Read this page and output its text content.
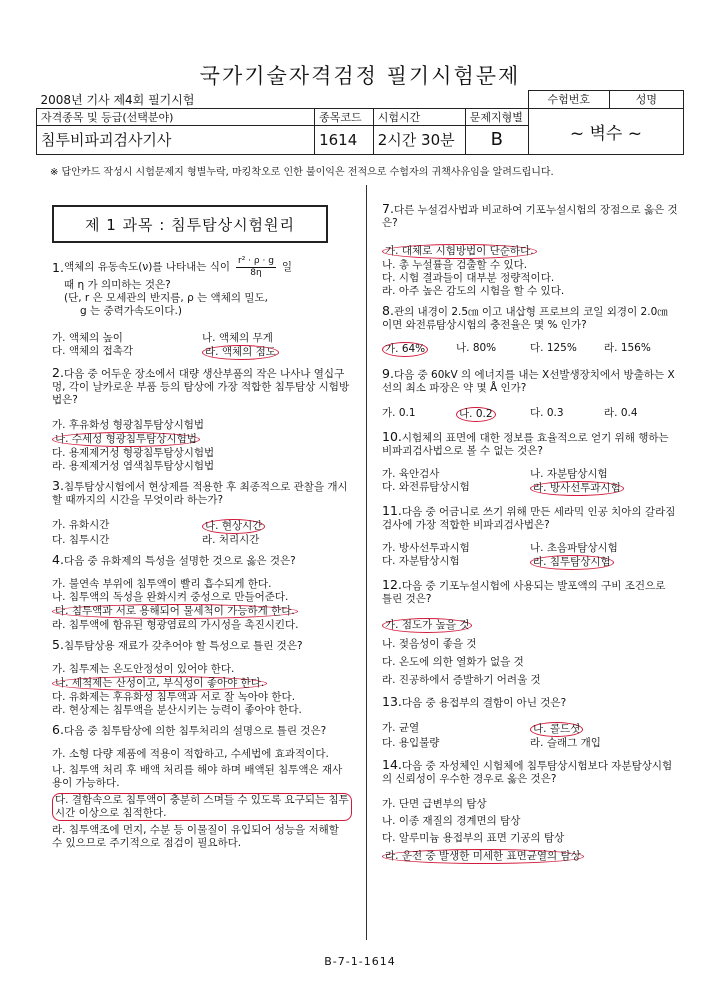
국가기술자격검정 필기시험문제
2008년 기사 제4회 필기시험				수험번호	성명
자격종목 및 등급(선택분야)	종목코드	시험시간	문제지형별	~ 벽수 ~	
침투비파괴검사기사	1614	2시간 30분	B		
※ 답안카드 작성시 시험문제지 형별누락, 마킹착오로 인한 불이익은 전적으로 수험자의 귀책사유임을 알려드립니다.
제 1 과목 : 침투탐상시험원리
1. 액체의 유동속도(ν)를 나타내는 식이 r² · ρ · g
8η 일
때 η 가 의미하는 것은?
(단, r 은 모세관의 반지름, ρ 는 액체의 밀도,
g 는 중력가속도이다.)
가. 액체의 높이	나. 액체의 무게
다. 액체의 접촉각	라. 액체의 점도
2.다음 중 어두운 장소에서 대량 생산부품의 작은 나사나 열십구멍, 각이 날카로운 부품 등의 탐상에 가장 적합한 침투탐상 시험방법은?
가. 후유화성 형광침투탐상시험법
나. 수세성 형광침투탐상시험법
다. 용제제거성 형광침투탐상시험법
라. 용제제거성 염색침투탐상시험법
3.침투탐상시험에서 현상제를 적용한 후 최종적으로 관찰을 개시할 때까지의 시간을 무엇이라 하는가?
가. 유화시간	나. 현상시간
다. 침투시간	라. 처리시간
4.다음 중 유화제의 특성을 설명한 것으로 옳은 것은?
가. 불연속 부위에 침투액이 빨리 흡수되게 한다.
나. 침투액의 독성을 완화시켜 중성으로 만들어준다.
다. 침투액과 서로 용해되어 물세척이 가능하게 한다.
라. 침투액에 함유된 형광염료의 가시성을 촉진시킨다.
5.침투탐상용 재료가 갖추어야 할 특성으로 틀린 것은?
가. 침투제는 온도안정성이 있어야 한다.
나. 세척제는 산성이고, 부식성이 좋아야 한다.
다. 유화제는 후유화성 침투액과 서로 잘 녹아야 한다.
라. 현상제는 침투액을 분산시키는 능력이 좋아야 한다.
6.다음 중 침투탐상에 의한 침투처리의 설명으로 틀린 것은?
가. 소형 다량 제품에 적용이 적합하고, 수세법에 효과적이다.
나. 침투액 처리 후 배액 처리를 해야 하며 배액된 침투액은 재사용이 가능하다.
다. 결함속으로 침투액이 충분히 스며들 수 있도록 요구되는 침투시간 이상으로 침적한다.
라. 침투액조에 먼지, 수분 등 이물질이 유입되어 성능을 저해할 수 있으므로 주기적으로 점검이 필요하다.
7.다른 누설검사법과 비교하여 기포누설시험의 장점으로 옳은 것은?
가. 대체로 시험방법이 단순하다.
나. 총 누설률을 검출할 수 있다.
다. 시험 결과들이 대부분 정량적이다.
라. 아주 높은 감도의 시험을 할 수 있다.
8.관의 내경이 2.5㎝ 이고 내삽형 프로브의 코일 외경이 2.0㎝ 이면 와전류탐상시험의 충전율은 몇 % 인가?
가. 64%	나. 80%	다. 125%	라. 156%
9.다음 중 60kV 의 에너지를 내는 X선발생장치에서 방출하는 X선의 최소 파장은 약 몇 Å 인가?
가. 0.1	나. 0.2	다. 0.3	라. 0.4
10.시험체의 표면에 대한 정보를 효율적으로 얻기 위해 행하는 비파괴검사법으로 볼 수 없는 것은?
가. 육안검사	나. 자분탐상시험
다. 와전류탐상시험	라. 방사선투과시험
11.다음 중 어금니로 쓰기 위해 만든 세라믹 인공 치아의 갈라짐 검사에 가장 적합한 비파괴검사법은?
가. 방사선투과시험	나. 초음파탐상시험
다. 자분탐상시험	라. 침투탐상시험
12.다음 중 기포누설시험에 사용되는 발포액의 구비 조건으로 틀린 것은?
가. 점도가 높을 것
나. 젖음성이 좋을 것
다. 온도에 의한 열화가 없을 것
라. 진공하에서 증발하기 어려울 것
13.다음 중 용접부의 결함이 아닌 것은?
가. 균열	나. 콜드셧
다. 용입불량	라. 슬래그 개입
14.다음 중 자성체인 시험체에 침투탐상시험보다 자분탐상시험의 신뢰성이 우수한 경우로 옳은 것은?
가. 단면 급변부의 탐상
나. 이종 재질의 경계면의 탐상
다. 알루미늄 용접부의 표면 기공의 탐상
라. 운전 중 발생한 미세한 표면균열의 탐상
B-7-1-1614
